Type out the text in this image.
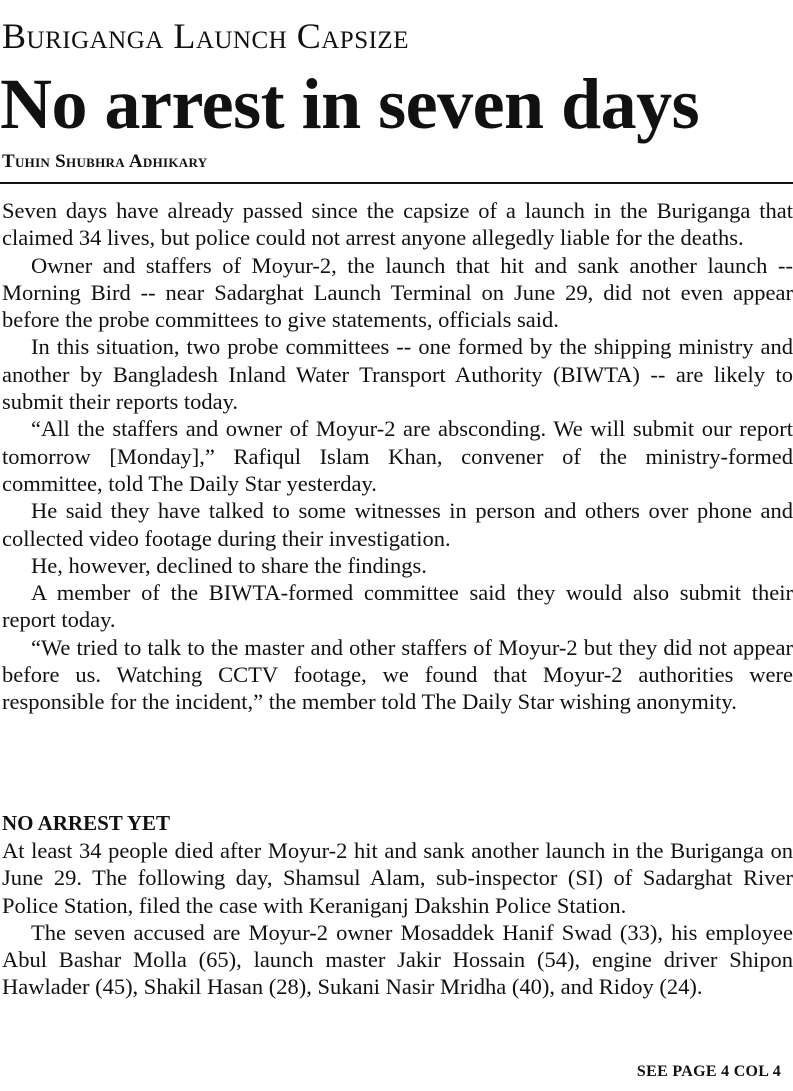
Buriganga Launch Capsize
No arrest in seven days
Tuhin Shubhra Adhikary

Seven days have already passed since the capsize of a launch in the Buriganga that claimed 34 lives, but police could not arrest anyone allegedly liable for the deaths.

Owner and staffers of Moyur-2, the launch that hit and sank another launch -- Morning Bird -- near Sadarghat Launch Terminal on June 29, did not even appear before the probe committees to give statements, officials said.

In this situation, two probe committees -- one formed by the shipping ministry and another by Bangladesh Inland Water Transport Authority (BIWTA) -- are likely to submit their reports today.

“All the staffers and owner of Moyur-2 are absconding. We will submit our report tomorrow [Monday],” Rafiqul Islam Khan, convener of the ministry-formed committee, told The Daily Star yesterday.

He said they have talked to some witnesses in person and others over phone and collected video footage during their investigation.

He, however, declined to share the findings.

A member of the BIWTA-formed committee said they would also submit their report today.

“We tried to talk to the master and other staffers of Moyur-2 but they did not appear before us. Watching CCTV footage, we found that Moyur-2 authorities were responsible for the incident,” the member told The Daily Star wishing anonymity.

NO ARREST YET

At least 34 people died after Moyur-2 hit and sank another launch in the Buriganga on June 29. The following day, Shamsul Alam, sub-inspector (SI) of Sadarghat River Police Station, filed the case with Keraniganj Dakshin Police Station.

The seven accused are Moyur-2 owner Mosaddek Hanif Swad (33), his employee Abul Bashar Molla (65), launch master Jakir Hossain (54), engine driver Shipon Hawlader (45), Shakil Hasan (28), Sukani Nasir Mridha (40), and Ridoy (24).

SEE PAGE 4 COL 4
